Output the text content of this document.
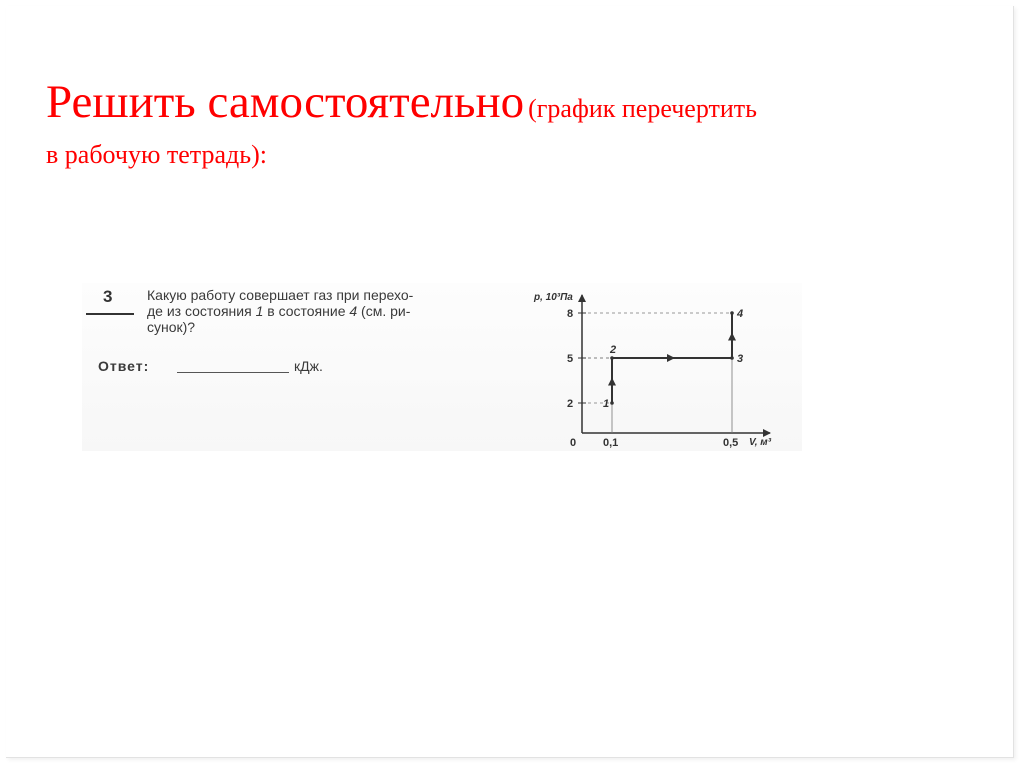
Решить самостоятельно (график перечертить
в рабочую тетрадь):
3 Какую работу совершает газ при перехо-
де из состояния 1 в состояние 4 (см. ри-
сунок)?
Ответ:	кДж.
p, 10³Па
V, м³
2
5
8
0 0,1	0,5
1
2
3
4
